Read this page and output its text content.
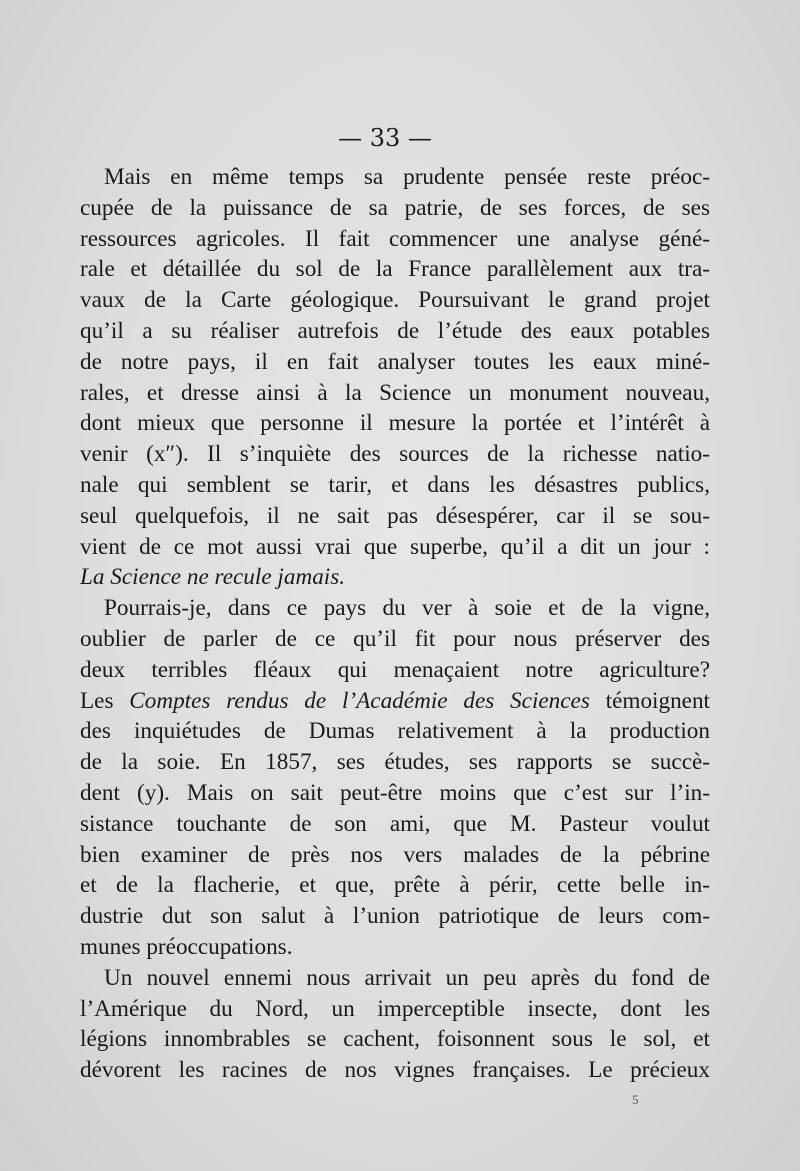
— 33 —
Mais en même temps sa prudente pensée reste préoc-
cupée de la puissance de sa patrie, de ses forces, de ses
ressources agricoles. Il fait commencer une analyse géné-
rale et détaillée du sol de la France parallèlement aux tra-
vaux de la Carte géologique. Poursuivant le grand projet
qu’il a su réaliser autrefois de l’étude des eaux potables
de notre pays, il en fait analyser toutes les eaux miné-
rales, et dresse ainsi à la Science un monument nouveau,
dont mieux que personne il mesure la portée et l’intérêt à
venir (x″). Il s’inquiète des sources de la richesse natio-
nale qui semblent se tarir, et dans les désastres publics,
seul quelquefois, il ne sait pas désespérer, car il se sou-
vient de ce mot aussi vrai que superbe, qu’il a dit un jour :
La Science ne recule jamais.
Pourrais-je, dans ce pays du ver à soie et de la vigne,
oublier de parler de ce qu’il fit pour nous préserver des
deux terribles fléaux qui menaçaient notre agriculture?
Les Comptes rendus de l’Académie des Sciences témoignent
des inquiétudes de Dumas relativement à la production
de la soie. En 1857, ses études, ses rapports se succè-
dent (y). Mais on sait peut-être moins que c’est sur l’in-
sistance touchante de son ami, que M. Pasteur voulut
bien examiner de près nos vers malades de la pébrine
et de la flacherie, et que, prête à périr, cette belle in-
dustrie dut son salut à l’union patriotique de leurs com-
munes préoccupations.
Un nouvel ennemi nous arrivait un peu après du fond de
l’Amérique du Nord, un imperceptible insecte, dont les
légions innombrables se cachent, foisonnent sous le sol, et
dévorent les racines de nos vignes françaises. Le précieux
5
